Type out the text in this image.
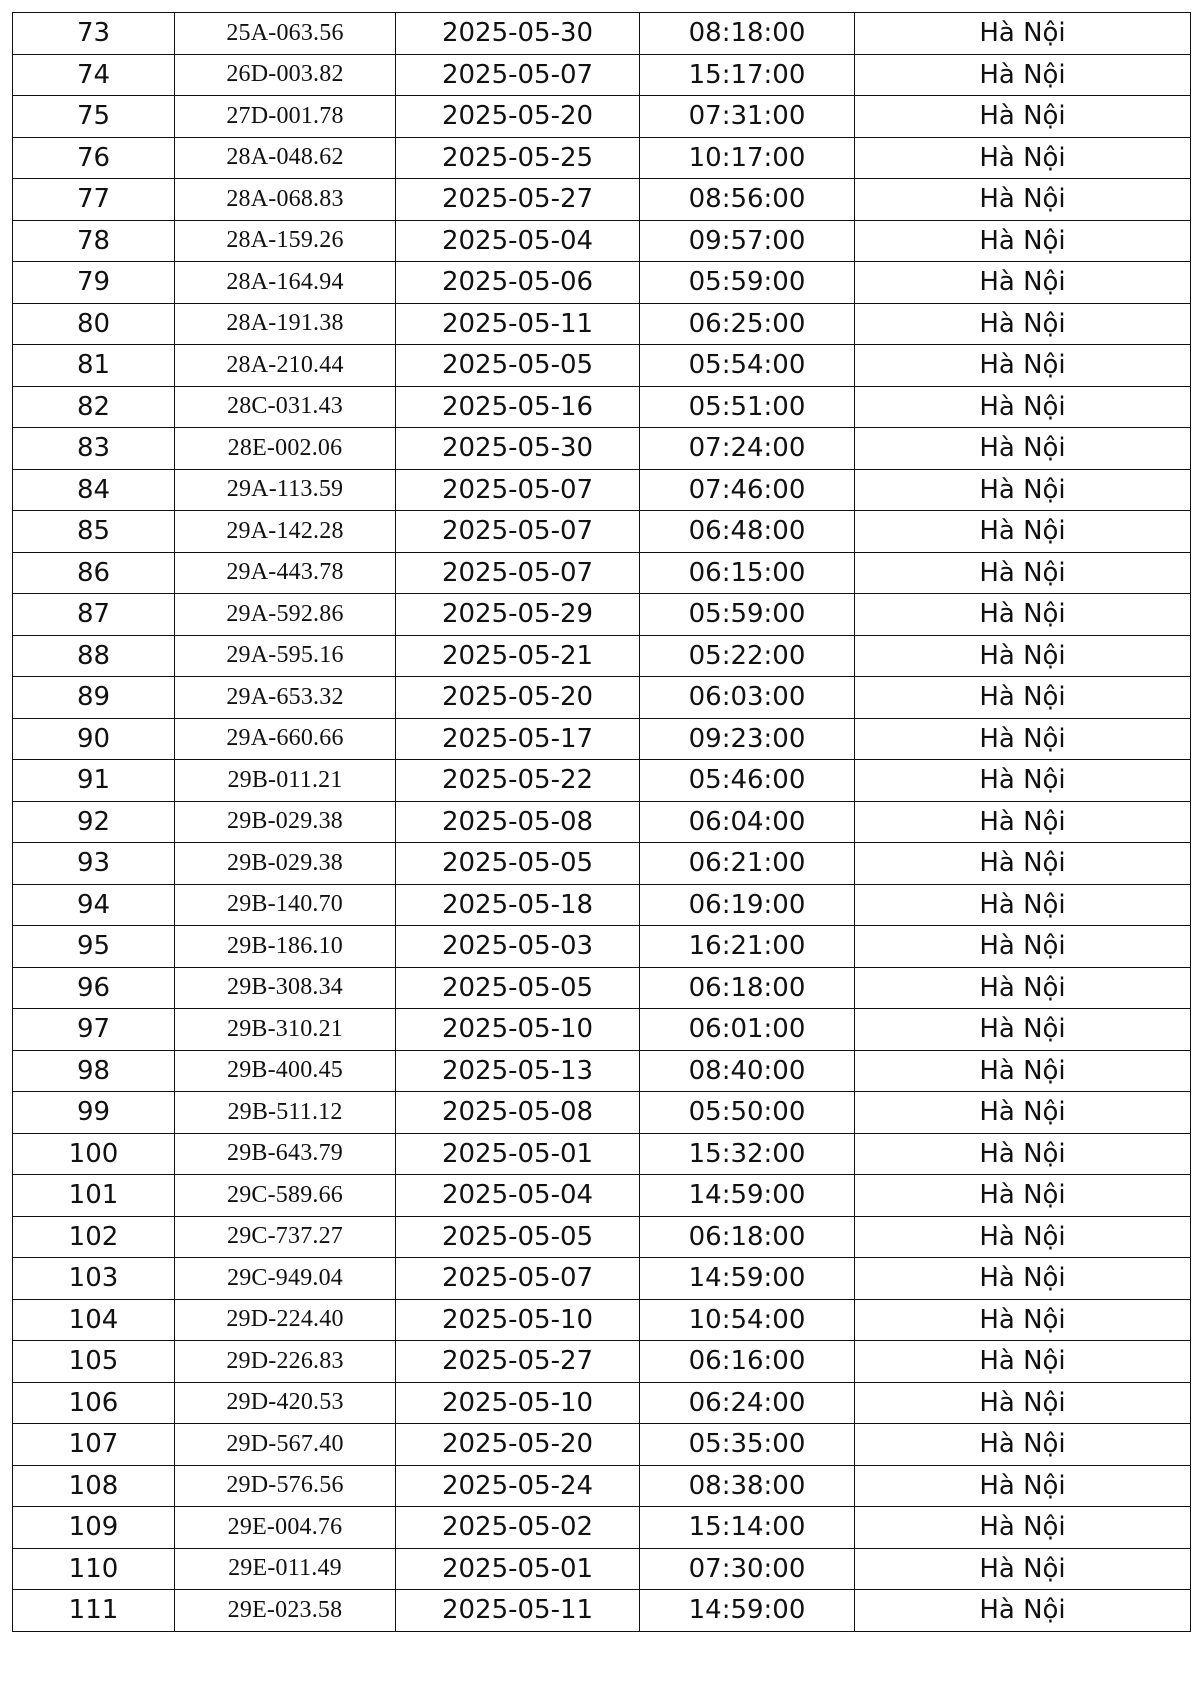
73	25A-063.56	2025-05-30	08:18:00	Hà Nội
74	26D-003.82	2025-05-07	15:17:00	Hà Nội
75	27D-001.78	2025-05-20	07:31:00	Hà Nội
76	28A-048.62	2025-05-25	10:17:00	Hà Nội
77	28A-068.83	2025-05-27	08:56:00	Hà Nội
78	28A-159.26	2025-05-04	09:57:00	Hà Nội
79	28A-164.94	2025-05-06	05:59:00	Hà Nội
80	28A-191.38	2025-05-11	06:25:00	Hà Nội
81	28A-210.44	2025-05-05	05:54:00	Hà Nội
82	28C-031.43	2025-05-16	05:51:00	Hà Nội
83	28E-002.06	2025-05-30	07:24:00	Hà Nội
84	29A-113.59	2025-05-07	07:46:00	Hà Nội
85	29A-142.28	2025-05-07	06:48:00	Hà Nội
86	29A-443.78	2025-05-07	06:15:00	Hà Nội
87	29A-592.86	2025-05-29	05:59:00	Hà Nội
88	29A-595.16	2025-05-21	05:22:00	Hà Nội
89	29A-653.32	2025-05-20	06:03:00	Hà Nội
90	29A-660.66	2025-05-17	09:23:00	Hà Nội
91	29B-011.21	2025-05-22	05:46:00	Hà Nội
92	29B-029.38	2025-05-08	06:04:00	Hà Nội
93	29B-029.38	2025-05-05	06:21:00	Hà Nội
94	29B-140.70	2025-05-18	06:19:00	Hà Nội
95	29B-186.10	2025-05-03	16:21:00	Hà Nội
96	29B-308.34	2025-05-05	06:18:00	Hà Nội
97	29B-310.21	2025-05-10	06:01:00	Hà Nội
98	29B-400.45	2025-05-13	08:40:00	Hà Nội
99	29B-511.12	2025-05-08	05:50:00	Hà Nội
100	29B-643.79	2025-05-01	15:32:00	Hà Nội
101	29C-589.66	2025-05-04	14:59:00	Hà Nội
102	29C-737.27	2025-05-05	06:18:00	Hà Nội
103	29C-949.04	2025-05-07	14:59:00	Hà Nội
104	29D-224.40	2025-05-10	10:54:00	Hà Nội
105	29D-226.83	2025-05-27	06:16:00	Hà Nội
106	29D-420.53	2025-05-10	06:24:00	Hà Nội
107	29D-567.40	2025-05-20	05:35:00	Hà Nội
108	29D-576.56	2025-05-24	08:38:00	Hà Nội
109	29E-004.76	2025-05-02	15:14:00	Hà Nội
110	29E-011.49	2025-05-01	07:30:00	Hà Nội
111	29E-023.58	2025-05-11	14:59:00	Hà Nội
